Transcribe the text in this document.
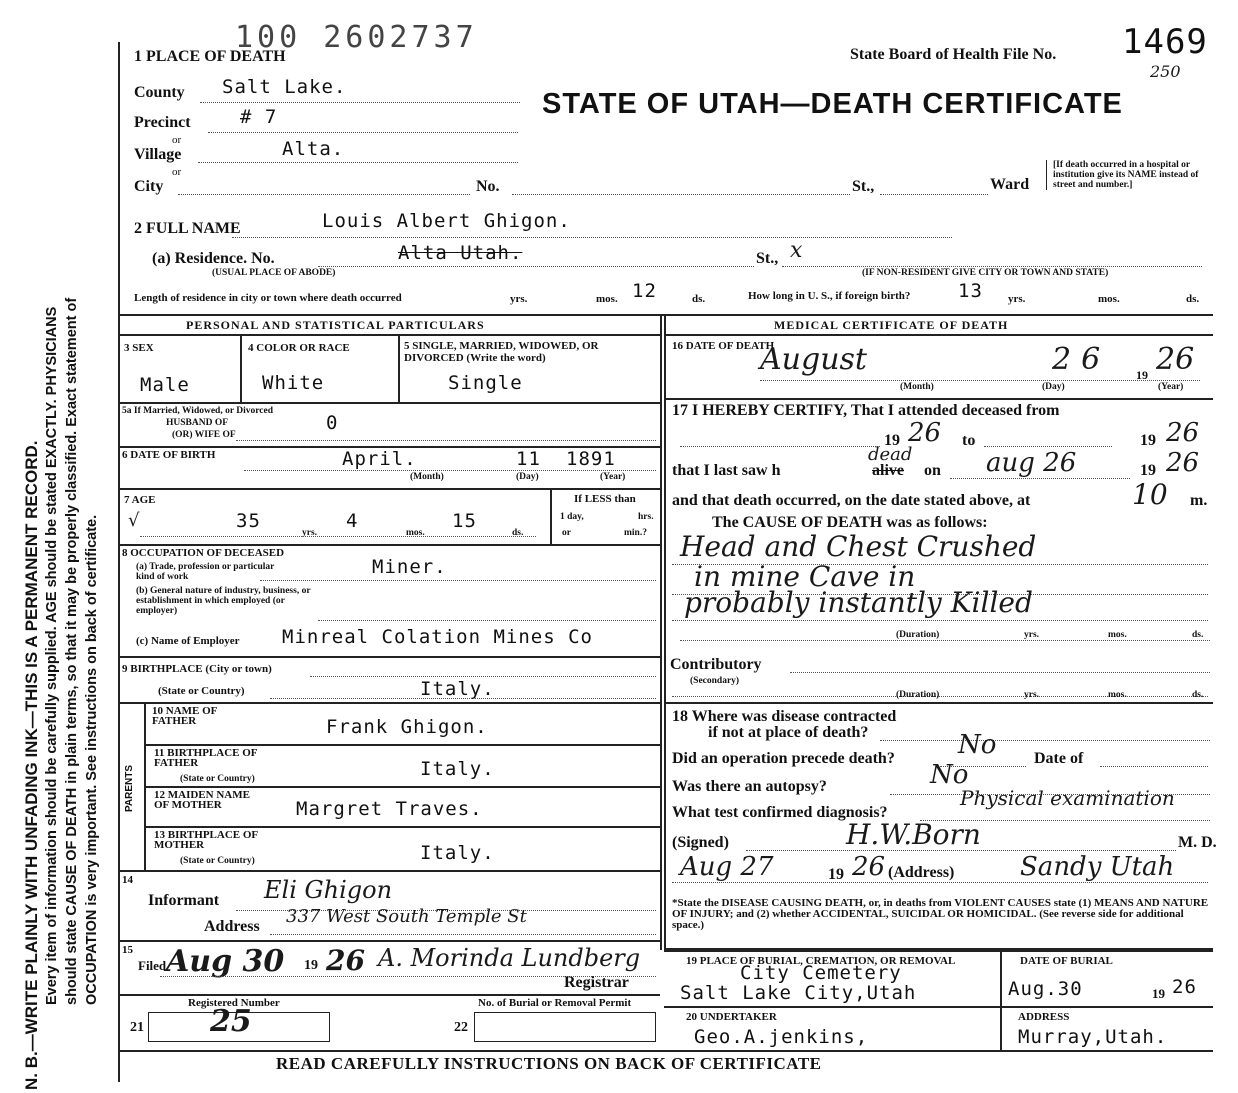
N. B.—WRITE PLAINLY WITH UNFADING INK—THIS IS A PERMANENT RECORD. Every item of information should be carefully supplied. AGE should be stated EXACTLY. PHYSICIANS should state CAUSE OF DEATH in plain terms, so that it may be properly classified. Exact statement of OCCUPATION is very important. See instructions on back of certificate.
100 2602737	State Board of Health File No. 1469
250
STATE OF UTAH—DEATH CERTIFICATE
1 PLACE OF DEATH
County Salt Lake.
Precinct	# 7
or
Village	Alta.
or
City	No.	St.,	Ward
[If death occurred in a hospital or institution give its NAME instead of street and number.]
2 FULL NAME	Louis Albert Ghigon.
(a) Residence. No.
(USUAL PLACE OF ABODE)
Alta Utah.	St., x
(IF NON-RESIDENT GIVE CITY OR TOWN AND STATE)
Length of residence in city or town where death occurred	yrs.	mos. 12	ds.	How long in U. S., if foreign birth?	13 yrs.	mos.	ds.
PERSONAL AND STATISTICAL PARTICULARS
3 SEX
Male
4 COLOR OR RACE
White
5 SINGLE, MARRIED, WIDOWED, OR DIVORCED (Write the word)
Single
5a If Married, Widowed, or Divorced
HUSBAND OF
(OR) WIFE OF
0
6 DATE OF BIRTH	April.	11 1891
(Month)	(Day)	(Year)
7 AGE
√	35
yrs.
4
mos.
15
ds.
If LESS than
1 day,	hrs.
or	min.?
8 OCCUPATION OF DECEASED
(a) Trade, profession or particular kind of work	Miner.
(b) General nature of industry, business, or establishment in which employed (or employer)
(c) Name of Employer Minreal Colation Mines Co
9 BIRTHPLACE (City or town)
(State or Country)	Italy.
PARENTS
10 NAME OF FATHER	Frank Ghigon.
11 BIRTHPLACE OF FATHER
(State or Country)	Italy.
12 MAIDEN NAME OF MOTHER	Margret Traves.
13 BIRTHPLACE OF MOTHER
(State or Country)	Italy.
14
Informant Eli Ghigon
Address 337 West South Temple St
15
Filed Aug 30 19 26 A. Morinda Lundberg
Registrar
Registered Number	No. of Burial or Removal Permit
21 25	22
MEDICAL CERTIFICATE OF DEATH
16 DATE OF DEATH
August	26 19 26
(Month)	(Day)	(Year)
17 I HEREBY CERTIFY, That I attended deceased from
19 26 to	19 26
that I last saw h
dead
alive on aug 26	19 26
and that death occurred, on the date stated above, at	10 m.
The CAUSE OF DEATH was as follows:
Head and Chest Crushed
in mine Cave in
probably instantly Killed
(Duration)	yrs.	mos.	ds.
Contributory
(Secondary)
(Duration)	yrs.	mos.	ds.
18 Where was disease contracted
if not at place of death?
Did an operation precede death? No Date of
Was there an autopsy?	No
What test confirmed diagnosis?
Physical examination
(Signed)	H.W.Born	M. D.
Aug 27	19 26 (Address)	Sandy Utah
*State the DISEASE CAUSING DEATH, or, in deaths from VIOLENT CAUSES state (1) MEANS AND NATURE OF INJURY; and (2) whether ACCIDENTAL, SUICIDAL OR HOMICIDAL. (See reverse side for additional space.)
19 PLACE OF BURIAL, CREMATION, OR REMOVAL
City Cemetery
Salt Lake City,Utah
DATE OF BURIAL
Aug.30	19 26
20 UNDERTAKER
Geo.A.jenkins,
ADDRESS
Murray,Utah.
READ CAREFULLY INSTRUCTIONS ON BACK OF CERTIFICATE
